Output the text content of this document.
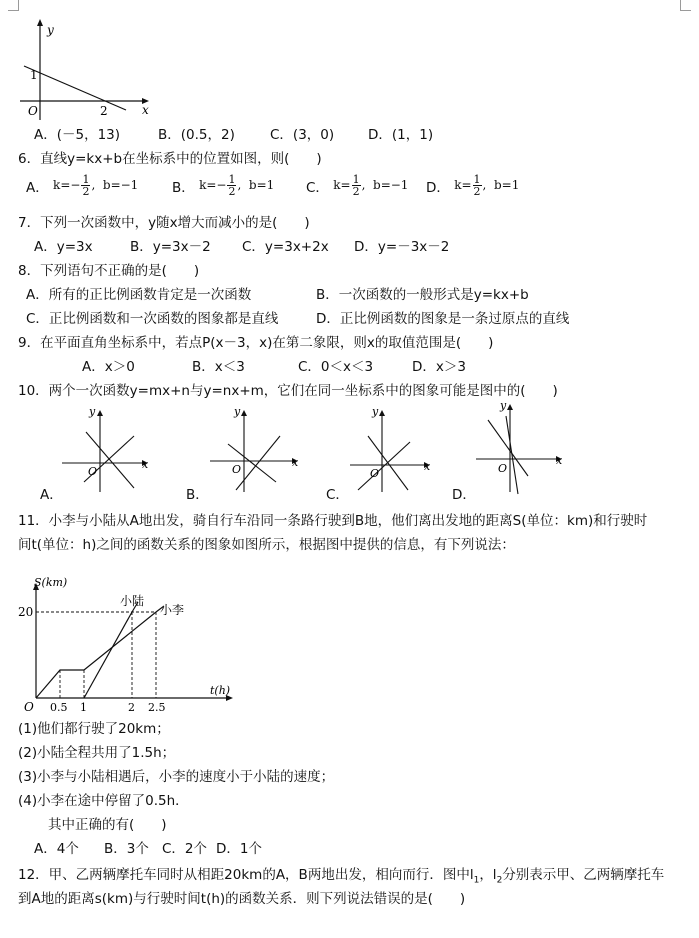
y
x
O
1
2
A．(－5，13)	B．(0.5，2)	C．(3，0)	D．(1，1)
6．直线y=kx+b在坐标系中的位置如图，则(　　)
A． $k=- \frac{1}{2}$ ,  b=−1 B． $k=- \frac{1}{2}$ ,  b=1 C． $k= \frac{1}{2}$ ,  b=−1 D． $k= \frac{1}{2}$ ,  b=1
7．下列一次函数中，y随x增大而减小的是(　　)
A．y=3x	B．y=3x－2 C．y=3x+2x D．y=－3x－2
8．下列语句不正确的是(　　)
A．所有的正比例函数肯定是一次函数	B．一次函数的一般形式是y=kx+b
C．正比例函数和一次函数的图象都是直线	D．正比例函数的图象是一条过原点的直线
9．在平面直角坐标系中，若点P(x－3，x)在第二象限，则x的取值范围是(　　)
A．x＞0	B．x＜3	C．0＜x＜3	D．x＞3
10．两个一次函数y=mx+n与y=nx+m，它们在同一坐标系中的图象可能是图中的(　　)
y
x
O
y
x
O
y
x
O
y
x
O
A．	B．	C．	D．
11．小李与小陆从A地出发，骑自行车沿同一条路行驶到B地，他们离出发地的距离S(单位：km)和行驶时
间t(单位：h)之间的函数关系的图象如图所示，根据图中提供的信息，有下列说法：
S(km)
t(h)
O
20
0.5 1	2 2.5
小陆
小李
(1)他们都行驶了20km；
(2)小陆全程共用了1.5h；
(3)小李与小陆相遇后，小李的速度小于小陆的速度；
(4)小李在途中停留了0.5h．
其中正确的有(　　)
A．4个 B．3个 C．2个 D．1个
12．甲、乙两辆摩托车同时从相距20km的A，B两地出发，相向而行．图中$l_1$，$l_2$分别表示甲、乙两辆摩托车
到A地的距离s(km)与行驶时间t(h)的函数关系．则下列说法错误的是(　　)
